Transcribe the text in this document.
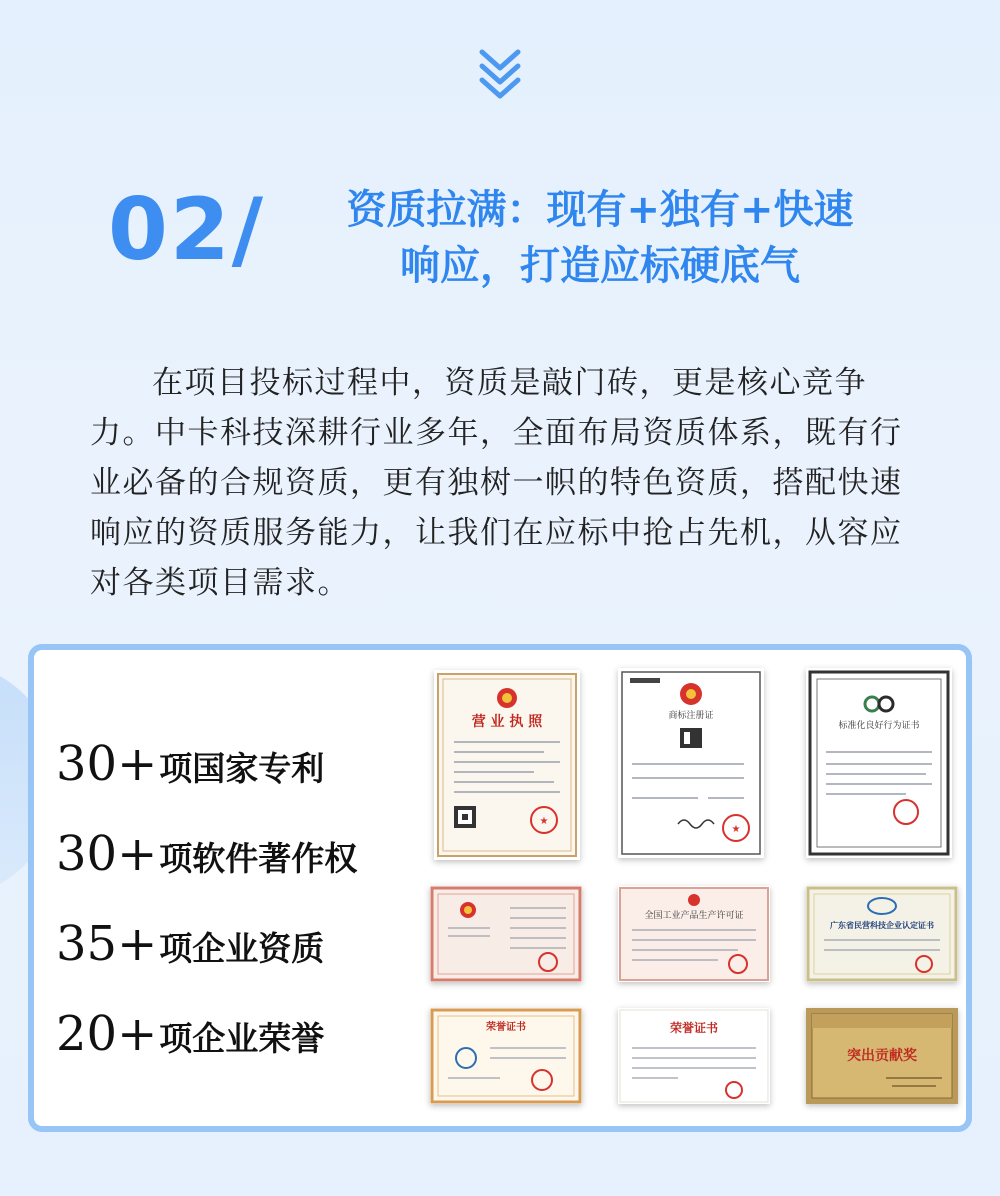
02/	资质拉满：现有+独有+快速
响应，打造应标硬底气

在项目投标过程中，资质是敲门砖，更是核心竞争力。中卡科技深耕行业多年，全面布局资质体系，既有行业必备的合规资质，更有独树一帜的特色资质，搭配快速响应的资质服务能力，让我们在应标中抢占先机，从容应对各类项目需求。

30+ 项国家专利
30+ 项软件著作权
35+ 项企业资质
20+ 项企业荣誉
营 业 执 照
★
商标注册证
★
标准化良好行为证书
全国工业产品生产许可证
广东省民营科技企业认定证书
荣誉证书	荣誉证书
突出贡献奖
